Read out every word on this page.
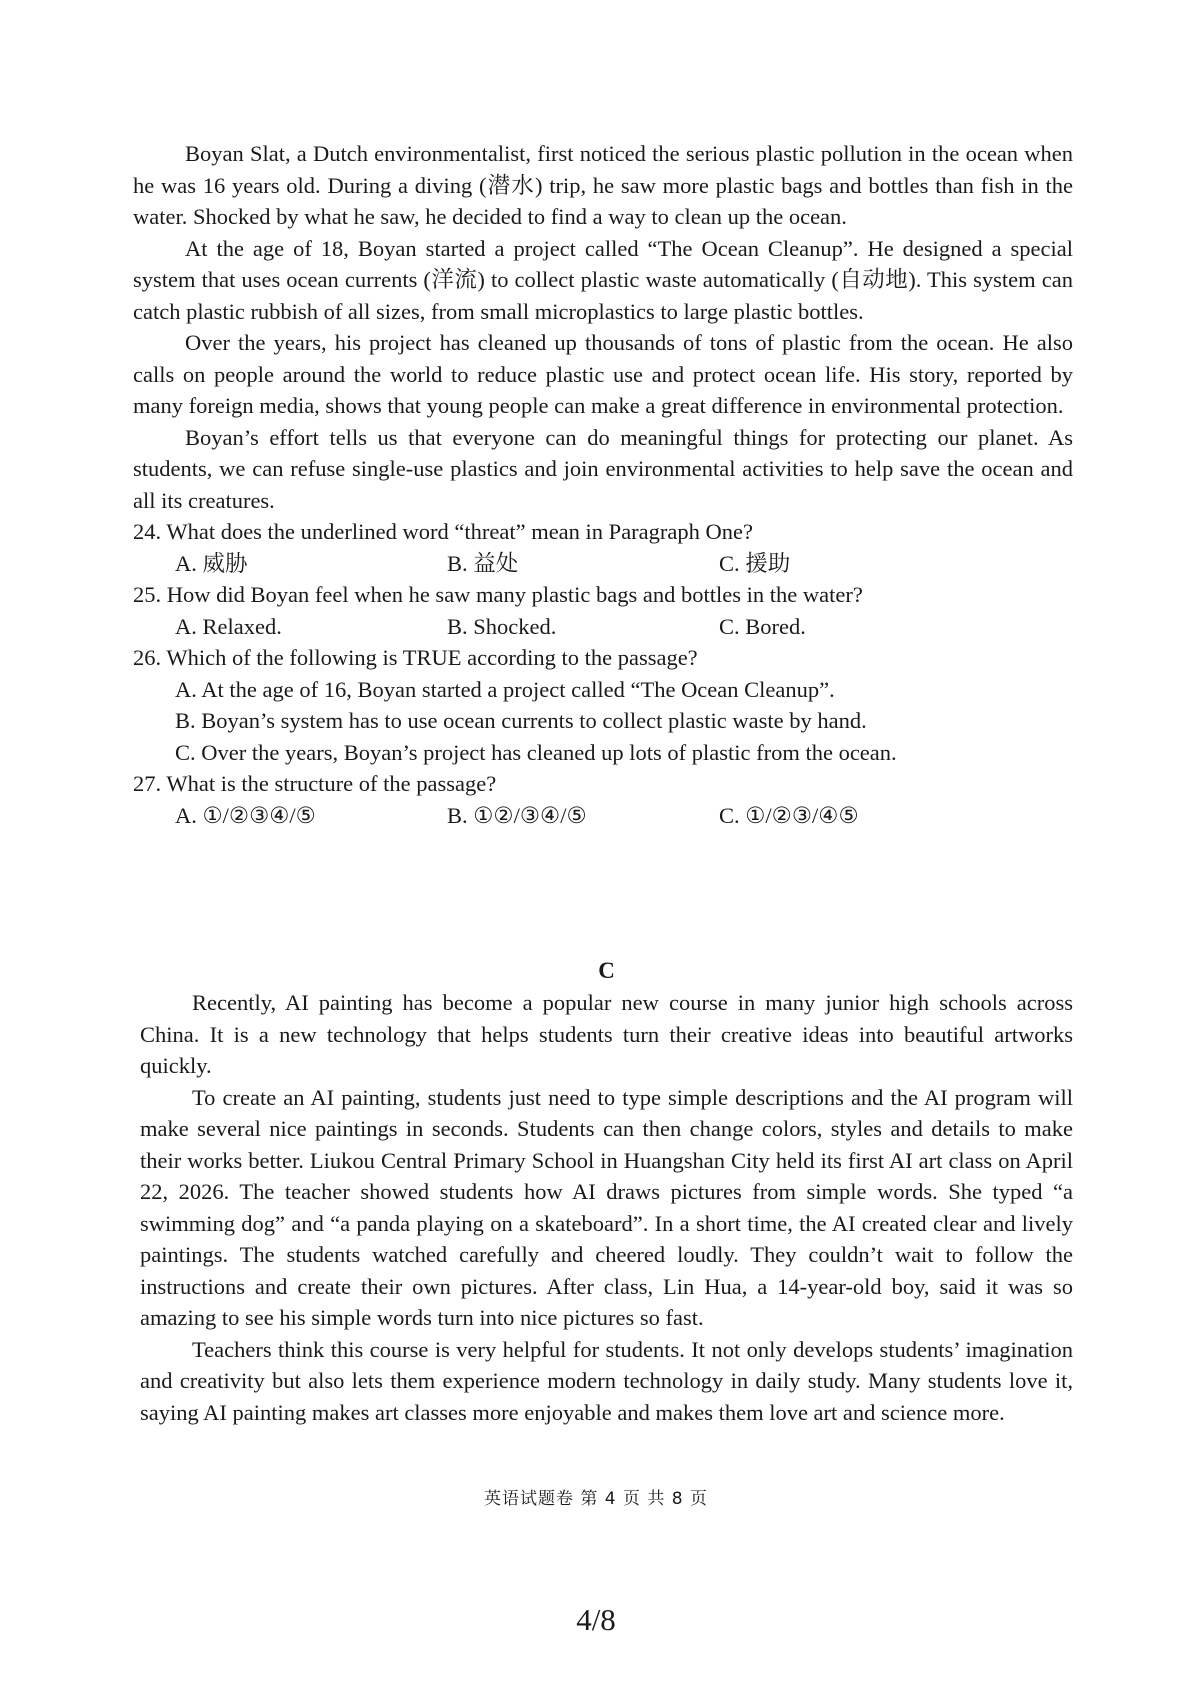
Boyan Slat, a Dutch environmentalist, first noticed the serious plastic pollution in the ocean when he was 16 years old. During a diving (潜水) trip, he saw more plastic bags and bottles than fish in the water. Shocked by what he saw, he decided to find a way to clean up the ocean.

At the age of 18, Boyan started a project called “The Ocean Cleanup”. He designed a special system that uses ocean currents (洋流) to collect plastic waste automatically (自动地). This system can catch plastic rubbish of all sizes, from small microplastics to large plastic bottles.

Over the years, his project has cleaned up thousands of tons of plastic from the ocean. He also calls on people around the world to reduce plastic use and protect ocean life. His story, reported by many foreign media, shows that young people can make a great difference in environmental protection.

Boyan’s effort tells us that everyone can do meaningful things for protecting our planet. As students, we can refuse single-use plastics and join environmental activities to help save the ocean and all its creatures.

24. What does the underlined word “threat” mean in Paragraph One?

A. 威胁	B. 益处	C. 援助

25. How did Boyan feel when he saw many plastic bags and bottles in the water?

A. Relaxed.	B. Shocked.	C. Bored.

26. Which of the following is TRUE according to the passage?

A. At the age of 16, Boyan started a project called “The Ocean Cleanup”.
B. Boyan’s system has to use ocean currents to collect plastic waste by hand.
C. Over the years, Boyan’s project has cleaned up lots of plastic from the ocean.

27. What is the structure of the passage?

A. ①/②③④/⑤	B. ①②/③④/⑤	C. ①/②③/④⑤

C

Recently, AI painting has become a popular new course in many junior high schools across China. It is a new technology that helps students turn their creative ideas into beautiful artworks quickly.

To create an AI painting, students just need to type simple descriptions and the AI program will make several nice paintings in seconds. Students can then change colors, styles and details to make their works better. Liukou Central Primary School in Huangshan City held its first AI art class on April 22, 2026. The teacher showed students how AI draws pictures from simple words. She typed “a swimming dog” and “a panda playing on a skateboard”. In a short time, the AI created clear and lively paintings. The students watched carefully and cheered loudly. They couldn’t wait to follow the instructions and create their own pictures. After class, Lin Hua, a 14-year-old boy, said it was so amazing to see his simple words turn into nice pictures so fast.

Teachers think this course is very helpful for students. It not only develops students’ imagination and creativity but also lets them experience modern technology in daily study. Many students love it, saying AI painting makes art classes more enjoyable and makes them love art and science more.

英语试题卷 第 4 页 共 8 页
4/8
